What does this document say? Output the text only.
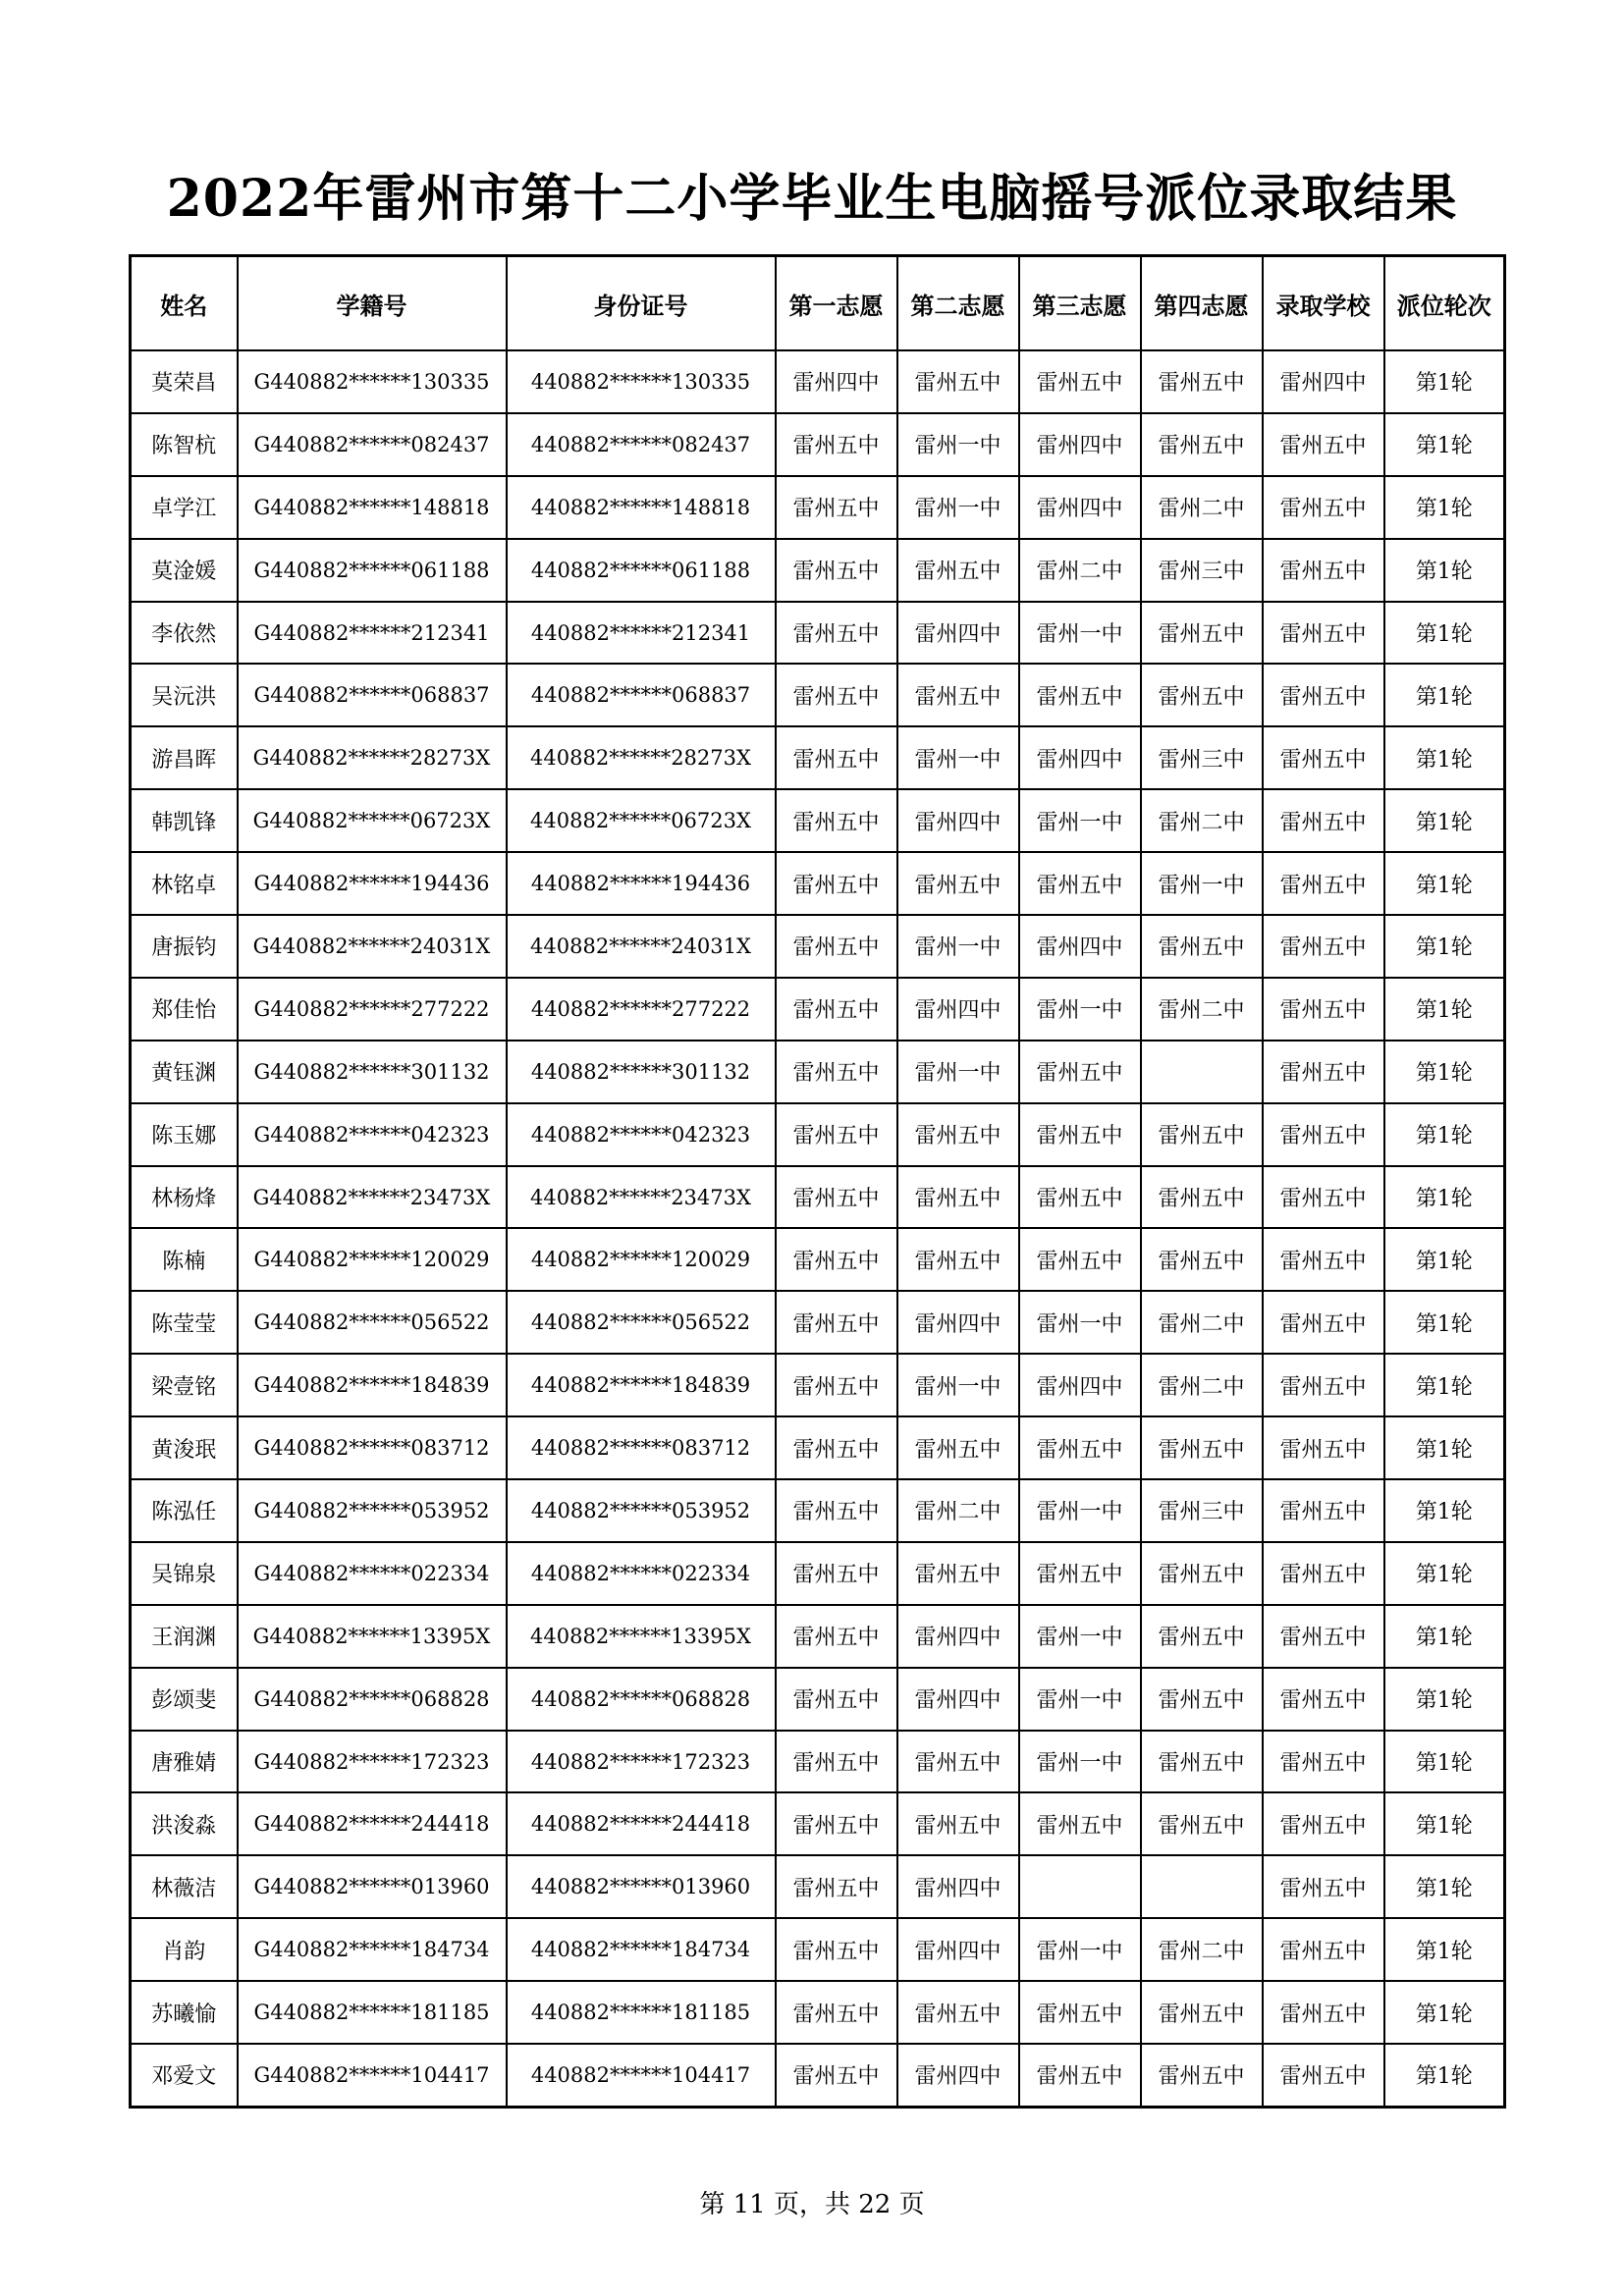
2022年雷州市第十二小学毕业生电脑摇号派位录取结果
姓名	学籍号	身份证号	第一志愿	第二志愿	第三志愿	第四志愿	录取学校	派位轮次
莫荣昌	G440882******130335	440882******130335	雷州四中	雷州五中	雷州五中	雷州五中	雷州四中	第1轮
陈智杭	G440882******082437	440882******082437	雷州五中	雷州一中	雷州四中	雷州五中	雷州五中	第1轮
卓学江	G440882******148818	440882******148818	雷州五中	雷州一中	雷州四中	雷州二中	雷州五中	第1轮
莫淦媛	G440882******061188	440882******061188	雷州五中	雷州五中	雷州二中	雷州三中	雷州五中	第1轮
李依然	G440882******212341	440882******212341	雷州五中	雷州四中	雷州一中	雷州五中	雷州五中	第1轮
吴沅洪	G440882******068837	440882******068837	雷州五中	雷州五中	雷州五中	雷州五中	雷州五中	第1轮
游昌晖	G440882******28273X	440882******28273X	雷州五中	雷州一中	雷州四中	雷州三中	雷州五中	第1轮
韩凯锋	G440882******06723X	440882******06723X	雷州五中	雷州四中	雷州一中	雷州二中	雷州五中	第1轮
林铭卓	G440882******194436	440882******194436	雷州五中	雷州五中	雷州五中	雷州一中	雷州五中	第1轮
唐振钧	G440882******24031X	440882******24031X	雷州五中	雷州一中	雷州四中	雷州五中	雷州五中	第1轮
郑佳怡	G440882******277222	440882******277222	雷州五中	雷州四中	雷州一中	雷州二中	雷州五中	第1轮
黄钰渊	G440882******301132	440882******301132	雷州五中	雷州一中	雷州五中		雷州五中	第1轮
陈玉娜	G440882******042323	440882******042323	雷州五中	雷州五中	雷州五中	雷州五中	雷州五中	第1轮
林杨烽	G440882******23473X	440882******23473X	雷州五中	雷州五中	雷州五中	雷州五中	雷州五中	第1轮
陈楠	G440882******120029	440882******120029	雷州五中	雷州五中	雷州五中	雷州五中	雷州五中	第1轮
陈莹莹	G440882******056522	440882******056522	雷州五中	雷州四中	雷州一中	雷州二中	雷州五中	第1轮
梁壹铭	G440882******184839	440882******184839	雷州五中	雷州一中	雷州四中	雷州二中	雷州五中	第1轮
黄浚珉	G440882******083712	440882******083712	雷州五中	雷州五中	雷州五中	雷州五中	雷州五中	第1轮
陈泓任	G440882******053952	440882******053952	雷州五中	雷州二中	雷州一中	雷州三中	雷州五中	第1轮
吴锦泉	G440882******022334	440882******022334	雷州五中	雷州五中	雷州五中	雷州五中	雷州五中	第1轮
王润渊	G440882******13395X	440882******13395X	雷州五中	雷州四中	雷州一中	雷州五中	雷州五中	第1轮
彭颂斐	G440882******068828	440882******068828	雷州五中	雷州四中	雷州一中	雷州五中	雷州五中	第1轮
唐雅婧	G440882******172323	440882******172323	雷州五中	雷州五中	雷州一中	雷州五中	雷州五中	第1轮
洪浚淼	G440882******244418	440882******244418	雷州五中	雷州五中	雷州五中	雷州五中	雷州五中	第1轮
林薇洁	G440882******013960	440882******013960	雷州五中	雷州四中			雷州五中	第1轮
肖韵	G440882******184734	440882******184734	雷州五中	雷州四中	雷州一中	雷州二中	雷州五中	第1轮
苏曦愉	G440882******181185	440882******181185	雷州五中	雷州五中	雷州五中	雷州五中	雷州五中	第1轮
邓爱文	G440882******104417	440882******104417	雷州五中	雷州四中	雷州五中	雷州五中	雷州五中	第1轮
第 11 页，共 22 页
